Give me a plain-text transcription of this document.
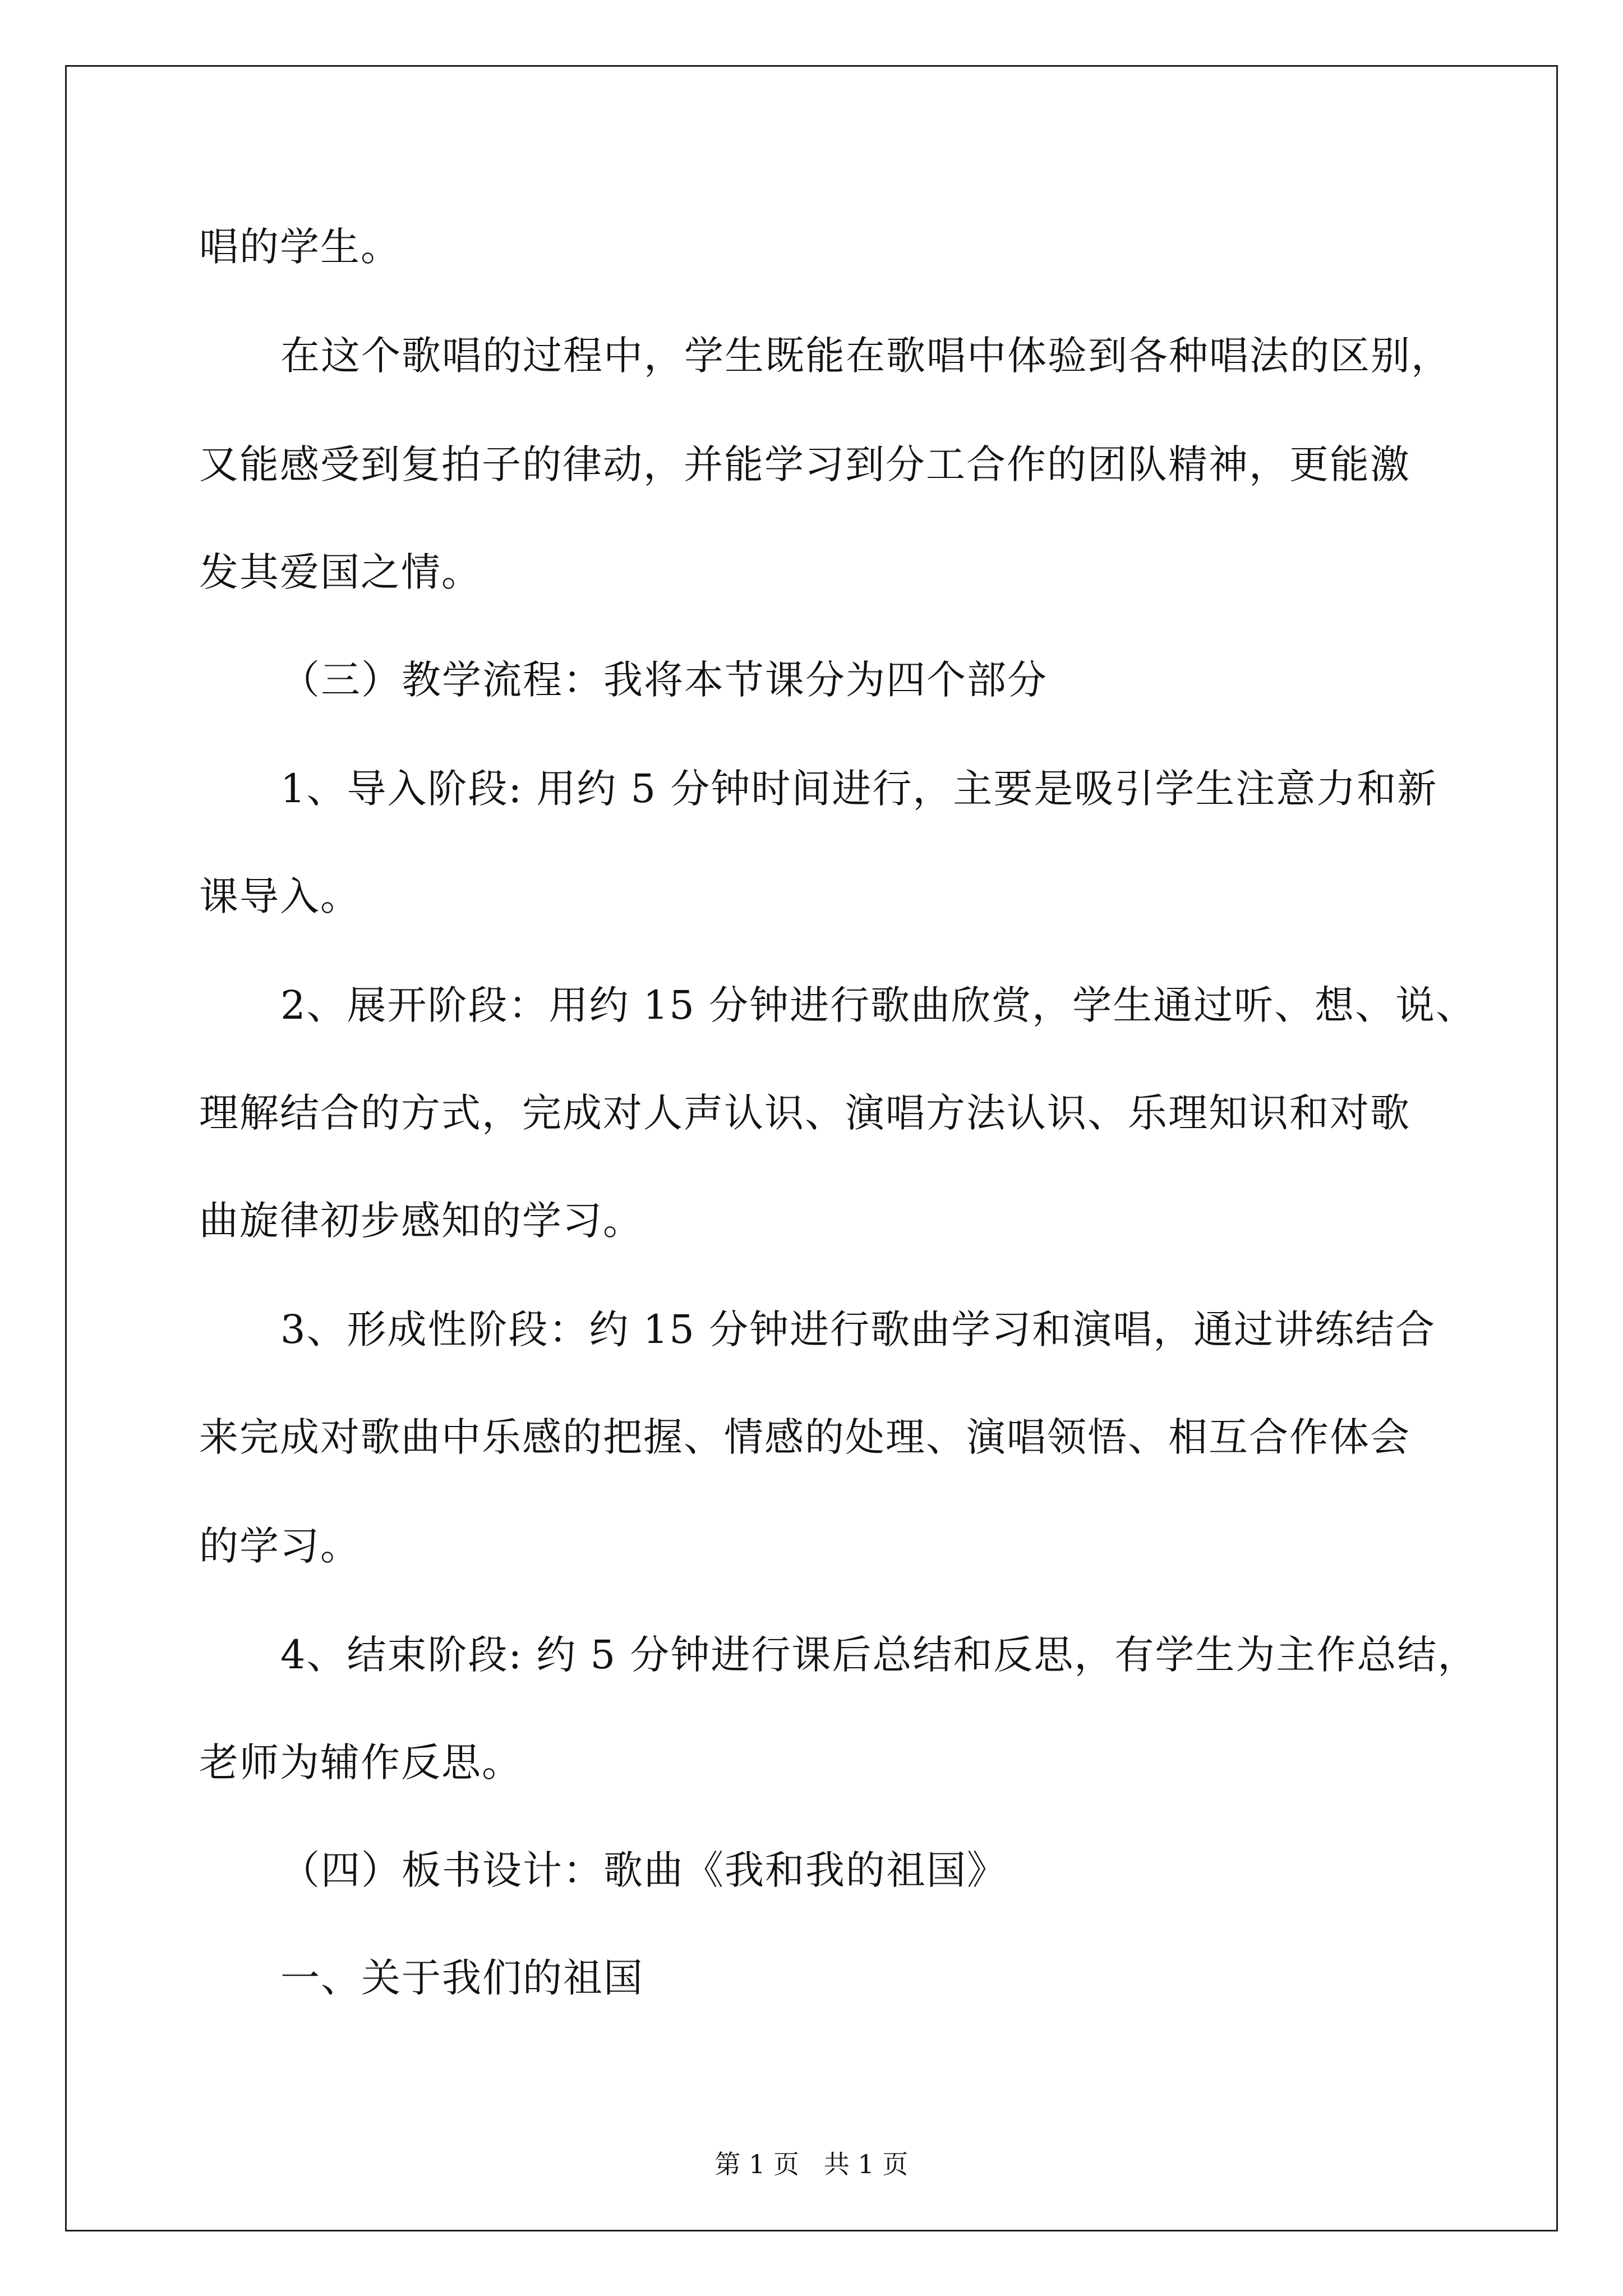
唱的学生。
在这个歌唱的过程中，学生既能在歌唱中体验到各种唱法的区别，
又能感受到复拍子的律动，并能学习到分工合作的团队精神，更能激
发其爱国之情。
（三）教学流程：我将本节课分为四个部分
1、导入阶段: 用约 5 分钟时间进行，主要是吸引学生注意力和新
课导入。
2、展开阶段：用约 15 分钟进行歌曲欣赏，学生通过听、想、说、
理解结合的方式，完成对人声认识、演唱方法认识、乐理知识和对歌
曲旋律初步感知的学习。
3、形成性阶段：约 15 分钟进行歌曲学习和演唱，通过讲练结合
来完成对歌曲中乐感的把握、情感的处理、演唱领悟、相互合作体会
的学习。
4、结束阶段: 约 5 分钟进行课后总结和反思，有学生为主作总结，
老师为辅作反思。
（四）板书设计：歌曲《我和我的祖国》
一、关于我们的祖国
第 1 页   共 1 页
